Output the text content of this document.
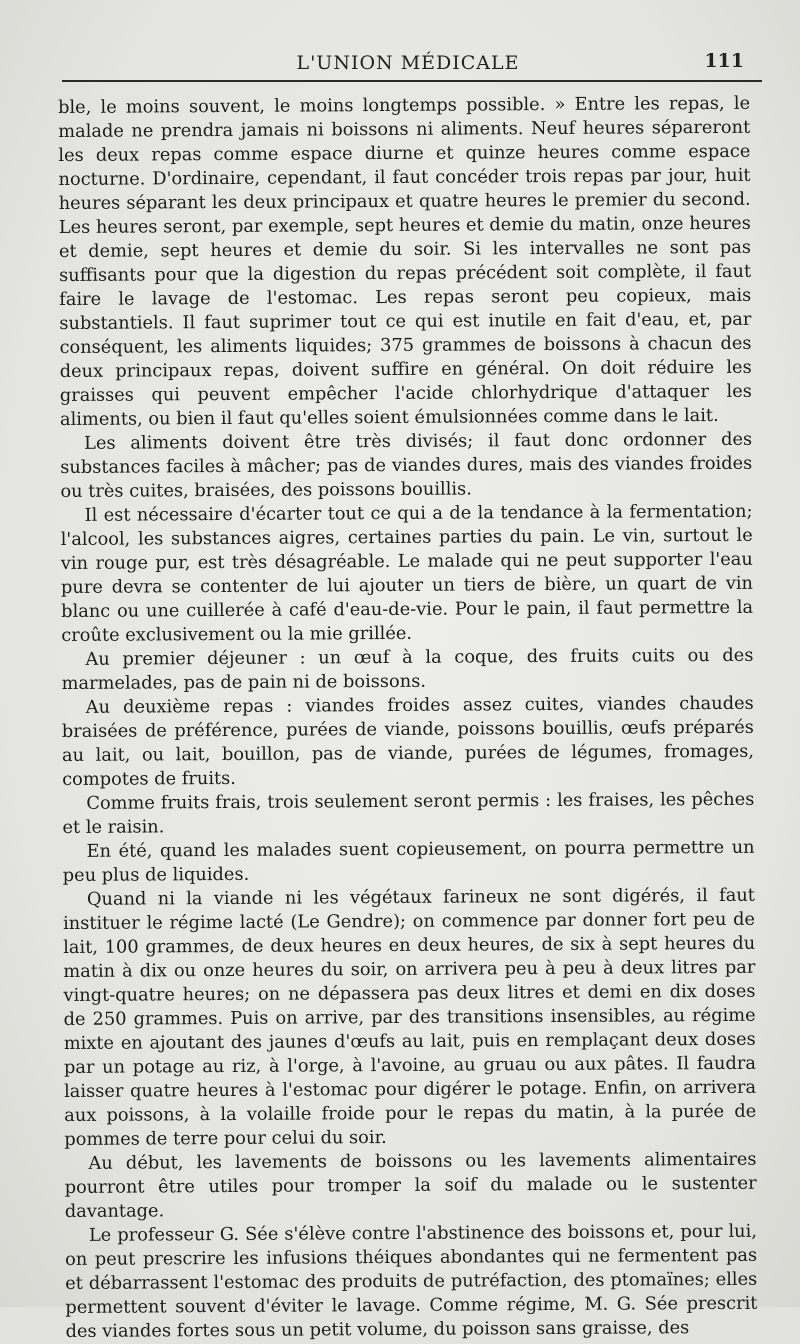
L'UNION MÉDICALE	111

ble, le moins souvent, le moins longtemps possible. » Entre les repas, le malade ne prendra jamais ni boissons ni aliments. Neuf heures sépareront les deux repas comme espace diurne et quinze heures comme espace nocturne. D'ordinaire, cependant, il faut concéder trois repas par jour, huit heures séparant les deux principaux et quatre heures le premier du second. Les heures seront, par exemple, sept heures et demie du matin, onze heures et demie, sept heures et demie du soir. Si les intervalles ne sont pas suffisants pour que la digestion du repas précédent soit complète, il faut faire le lavage de l'estomac. Les repas seront peu copieux, mais substantiels. Il faut suprimer tout ce qui est inutile en fait d'eau, et, par conséquent, les aliments liquides; 375 grammes de boissons à chacun des deux principaux repas, doivent suffire en général. On doit réduire les graisses qui peuvent empêcher l'acide chlorhydrique d'attaquer les aliments, ou bien il faut qu'elles soient émulsionnées comme dans le lait.

Les aliments doivent être très divisés; il faut donc ordonner des substances faciles à mâcher; pas de viandes dures, mais des viandes froides ou très cuites, braisées, des poissons bouillis.

Il est nécessaire d'écarter tout ce qui a de la tendance à la fermentation; l'alcool, les substances aigres, certaines parties du pain. Le vin, surtout le vin rouge pur, est très désagréable. Le malade qui ne peut supporter l'eau pure devra se contenter de lui ajouter un tiers de bière, un quart de vin blanc ou une cuillerée à café d'eau-de-vie. Pour le pain, il faut permettre la croûte exclusivement ou la mie grillée.

Au premier déjeuner : un œuf à la coque, des fruits cuits ou des marmelades, pas de pain ni de boissons.

Au deuxième repas : viandes froides assez cuites, viandes chaudes braisées de préférence, purées de viande, poissons bouillis, œufs préparés au lait, ou lait, bouillon, pas de viande, purées de légumes, fromages, compotes de fruits.

Comme fruits frais, trois seulement seront permis : les fraises, les pêches et le raisin.

En été, quand les malades suent copieusement, on pourra permettre un peu plus de liquides.

Quand ni la viande ni les végétaux farineux ne sont digérés, il faut instituer le régime lacté (Le Gendre); on commence par donner fort peu de lait, 100 grammes, de deux heures en deux heures, de six à sept heures du matin à dix ou onze heures du soir, on arrivera peu à peu à deux litres par vingt-quatre heures; on ne dépassera pas deux litres et demi en dix doses de 250 grammes. Puis on arrive, par des transitions insensibles, au régime mixte en ajoutant des jaunes d'œufs au lait, puis en remplaçant deux doses par un potage au riz, à l'orge, à l'avoine, au gruau ou aux pâtes. Il faudra laisser quatre heures à l'estomac pour digérer le potage. Enfin, on arrivera aux poissons, à la volaille froide pour le repas du matin, à la purée de pommes de terre pour celui du soir.

Au début, les lavements de boissons ou les lavements alimentaires pourront être utiles pour tromper la soif du malade ou le sustenter davantage.

Le professeur G. Sée s'élève contre l'abstinence des boissons et, pour lui, on peut prescrire les infusions théiques abondantes qui ne fermentent pas et débarrassent l'estomac des produits de putréfaction, des ptomaïnes; elles permettent souvent d'éviter le lavage. Comme régime, M. G. Sée prescrit des viandes fortes sous un petit volume, du poisson sans graisse, des
